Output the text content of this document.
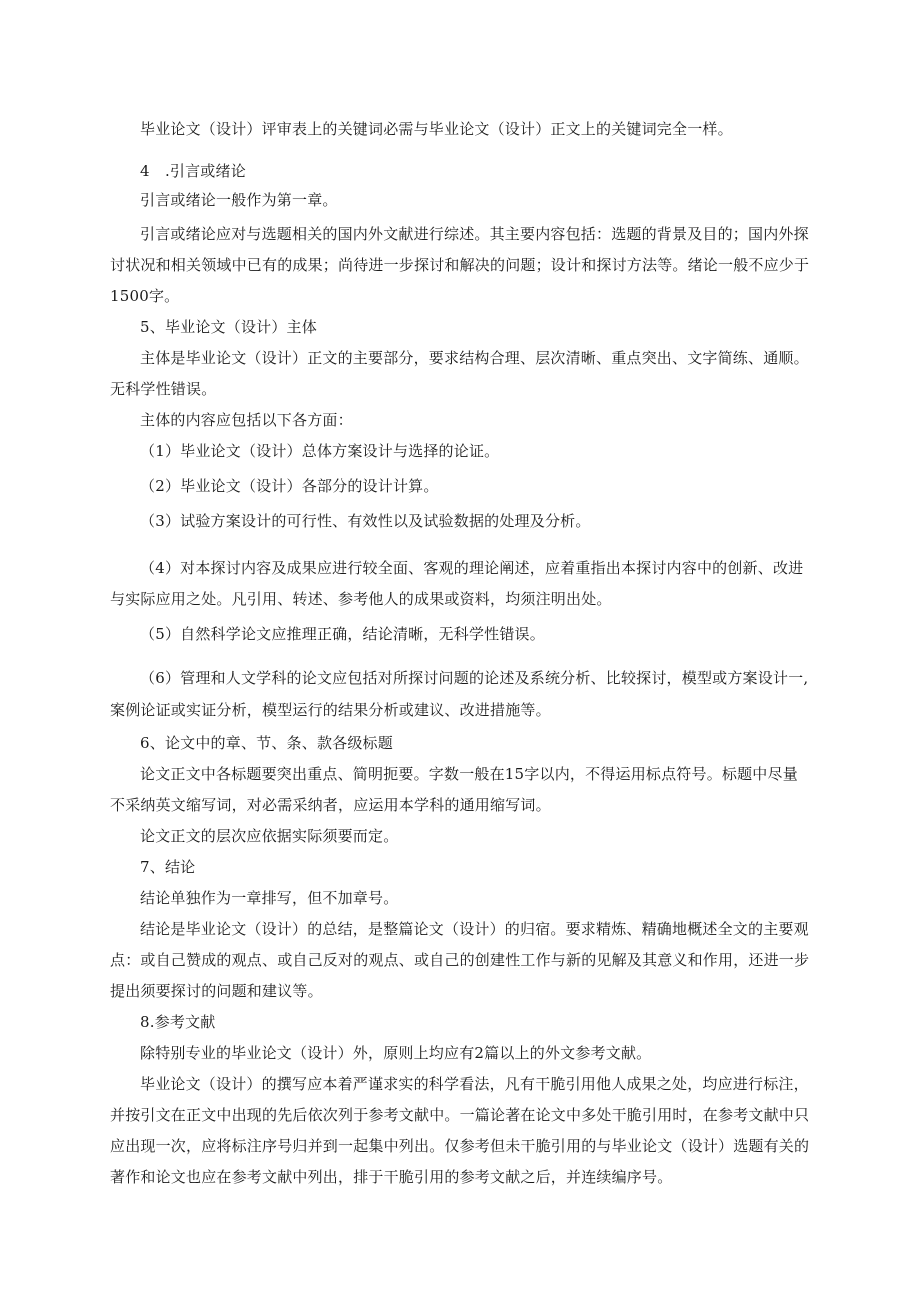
毕业论文（设计）评审表上的关键词必需与毕业论文（设计）正文上的关键词完全一样。
4　.引言或绪论
引言或绪论一般作为第一章。
引言或绪论应对与选题相关的国内外文献进行综述。其主要内容包括：选题的背景及目的；国内外探
讨状况和相关领域中已有的成果；尚待进一步探讨和解决的问题；设计和探讨方法等。绪论一般不应少于
1500字。
5、毕业论文（设计）主体
主体是毕业论文（设计）正文的主要部分，要求结构合理、层次清晰、重点突出、文字简练、通顺。
无科学性错误。
主体的内容应包括以下各方面：
（1）毕业论文（设计）总体方案设计与选择的论证。
（2）毕业论文（设计）各部分的设计计算。
（3）试验方案设计的可行性、有效性以及试验数据的处理及分析。
（4）对本探讨内容及成果应进行较全面、客观的理论阐述，应着重指出本探讨内容中的创新、改进
与实际应用之处。凡引用、转述、参考他人的成果或资料，均须注明出处。
（5）自然科学论文应推理正确，结论清晰，无科学性错误。
（6）管理和人文学科的论文应包括对所探讨问题的论述及系统分析、比较探讨，模型或方案设计一,
案例论证或实证分析，模型运行的结果分析或建议、改进措施等。
6、论文中的章、节、条、款各级标题
论文正文中各标题要突出重点、简明扼要。字数一般在15字以内，不得运用标点符号。标题中尽量
不采纳英文缩写词，对必需采纳者，应运用本学科的通用缩写词。
论文正文的层次应依据实际须要而定。
7、结论
结论单独作为一章排写，但不加章号。
结论是毕业论文（设计）的总结，是整篇论文（设计）的归宿。要求精炼、精确地概述全文的主要观
点：或自己赞成的观点、或自己反对的观点、或自己的创建性工作与新的见解及其意义和作用，还进一步
提出须要探讨的问题和建议等。
8.参考文献
除特别专业的毕业论文（设计）外，原则上均应有2篇以上的外文参考文献。
毕业论文（设计）的撰写应本着严谨求实的科学看法，凡有干脆引用他人成果之处，均应进行标注，
并按引文在正文中出现的先后依次列于参考文献中。一篇论著在论文中多处干脆引用时，在参考文献中只
应出现一次，应将标注序号归并到一起集中列出。仅参考但未干脆引用的与毕业论文（设计）选题有关的
著作和论文也应在参考文献中列出，排于干脆引用的参考文献之后，并连续编序号。
